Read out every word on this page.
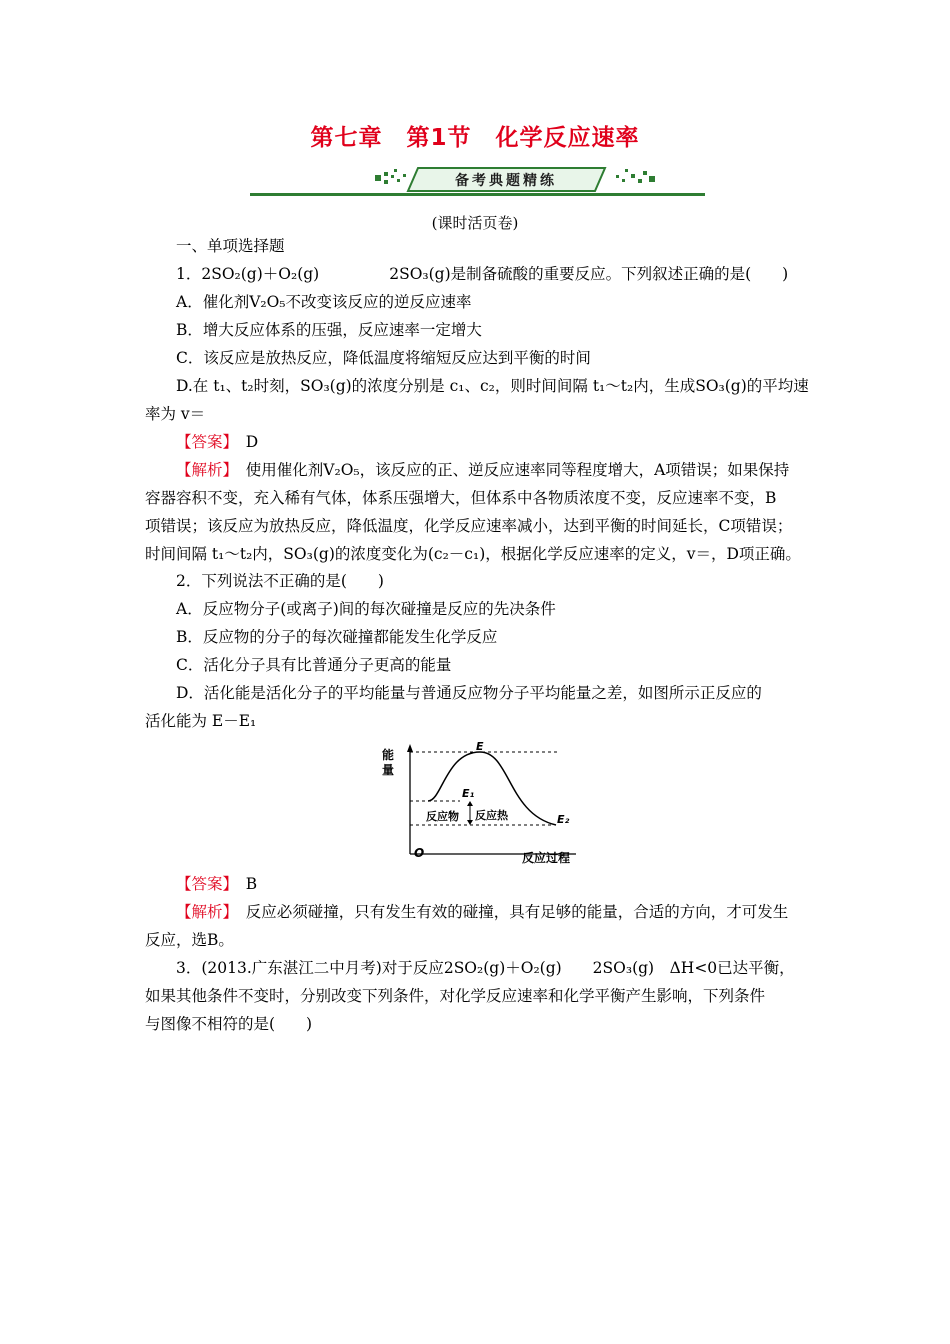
第七章 第1节 化学反应速率
备考典题精练
(课时活页卷)
一、单项选择题
1．2SO₂(g)＋O₂(g)	2SO₃(g)是制备硫酸的重要反应。下列叙述正确的是(　　)
A．催化剂V₂O₅不改变该反应的逆反应速率
B．增大反应体系的压强，反应速率一定增大
C．该反应是放热反应，降低温度将缩短反应达到平衡的时间
D.在 t₁、t₂时刻，SO₃(g)的浓度分别是 c₁、c₂，则时间间隔 t₁～t₂内，生成SO₃(g)的平均速
率为 v＝
【答案】　 D
【解析】　 使用催化剂V₂O₅，该反应的正、逆反应速率同等程度增大，A项错误；如果保持
容器容积不变，充入稀有气体，体系压强增大，但体系中各物质浓度不变，反应速率不变，B
项错误；该反应为放热反应，降低温度，化学反应速率减小，达到平衡的时间延长，C项错误；
时间间隔 t₁～t₂内，SO₃(g)的浓度变化为(c₂－c₁)，根据化学反应速率的定义，v＝，D项正确。
2．下列说法不正确的是(　　)
A．反应物分子(或离子)间的每次碰撞是反应的先决条件
B．反应物的分子的每次碰撞都能发生化学反应
C．活化分子具有比普通分子更高的能量
D．活化能是活化分子的平均能量与普通反应物分子平均能量之差，如图所示正反应的
活化能为 E－E₁
能
量
O	反应过程
E
E₁
E₂
反应物 反应热
【答案】　 B
【解析】　 反应必须碰撞，只有发生有效的碰撞，具有足够的能量，合适的方向，才可发生
反应，选B。
3．(2013.广东湛江二中月考)对于反应2SO₂(g)＋O₂(g)　　2SO₃(g)　ΔH<0已达平衡，
如果其他条件不变时，分别改变下列条件，对化学反应速率和化学平衡产生影响，下列条件
与图像不相符的是(　　)
